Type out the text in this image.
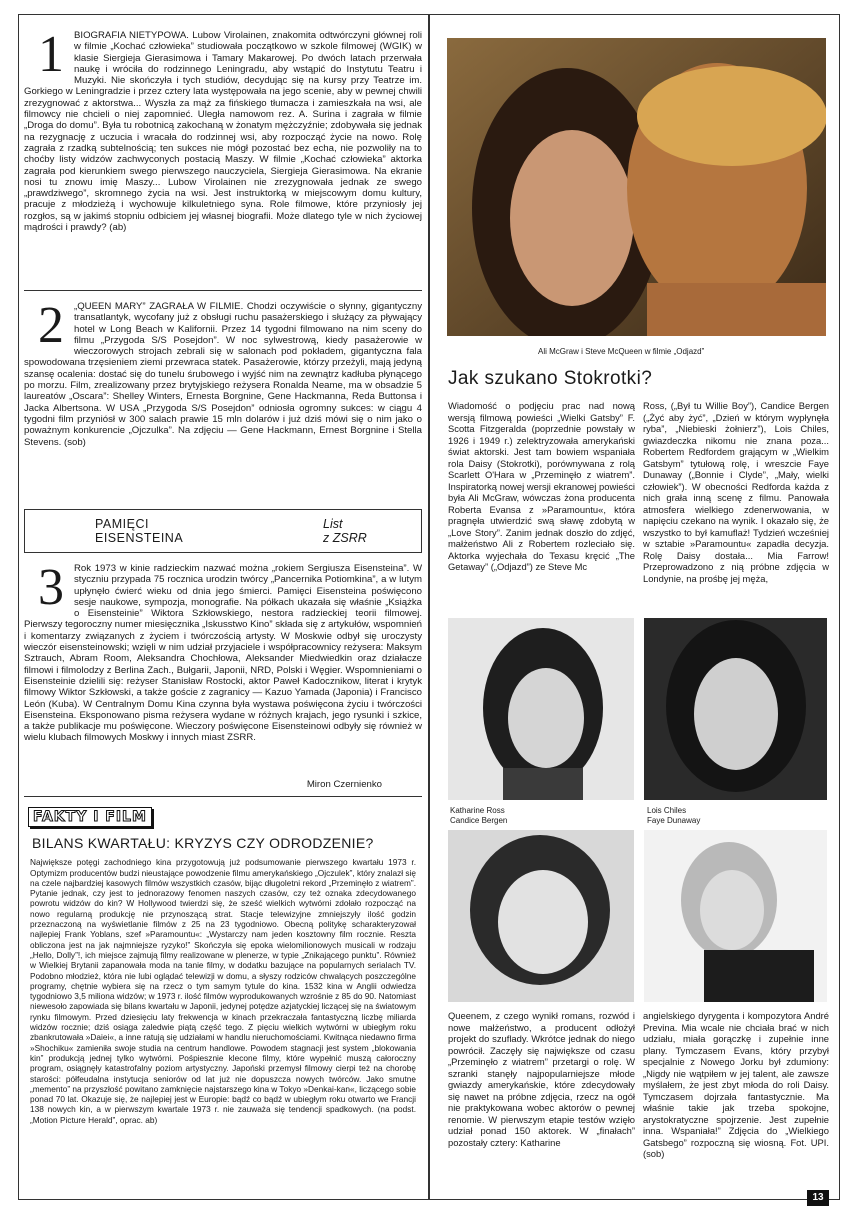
1	BIOGRAFIA NIETYPOWA. Lubow Virolainen, znakomita odtwórczyni głównej roli w filmie „Kochać człowieka” studiowała początkowo w szkole filmowej (WGIK) w klasie Siergieja Gierasimowa i Tamary Makarowej. Po dwóch latach przerwała naukę i wróciła do rodzinnego Leningradu, aby wstąpić do Instytutu Teatru i Muzyki. Nie skończyła i tych studiów, decydując się na kursy przy Teatrze im. Gorkiego w Leningradzie i przez cztery lata występowała na jego scenie, aby w pewnej chwili zrezygnować z aktorstwa... Wyszła za mąż za fińskiego tłumacza i zamieszkała na wsi, ale filmowcy nie chcieli o niej zapomnieć. Uległa namowom rez. A. Surina i zagrała w filmie „Droga do domu”. Była tu robotnicą zakochaną w żonatym mężczyźnie; zdobywała się jednak na rezygnację z uczucia i wracała do rodzinnej wsi, aby rozpocząć życie na nowo. Rolę zagrała z rzadką subtelnością; ten sukces nie mógł pozostać bez echa, nie pozwoliły na to choćby listy widzów zachwyconych postacią Maszy. W filmie „Kochać człowieka” aktorka zagrała pod kierunkiem swego pierwszego nauczyciela, Siergieja Gierasimowa. Na ekranie nosi tu znowu imię Maszy... Lubow Virolainen nie zrezygnowała jednak ze swego „prawdziwego”, skromnego życia na wsi. Jest instruktorką w miejscowym domu kultury, pracuje z młodzieżą i wychowuje kilkuletniego syna. Role filmowe, które przyniosły jej rozgłos, są w jakimś stopniu odbiciem jej własnej biografii. Może dlatego tyle w nich życiowej mądrości i prawdy? (ab)

2	„QUEEN MARY” ZAGRAŁA W FILMIE. Chodzi oczywiście o słynny, gigantyczny transatlantyk, wycofany już z obsługi ruchu pasażerskiego i służący za pływający hotel w Long Beach w Kalifornii. Przez 14 tygodni filmowano na nim sceny do filmu „Przygoda S/S Posejdon”. W noc sylwestrową, kiedy pasażerowie w wieczorowych strojach zebrali się w salonach pod pokładem, gigantyczna fala spowodowana trzęsieniem ziemi przewraca statek. Pasażerowie, którzy przeżyli, mają jedyną szansę ocalenia: dostać się do tunelu śrubowego i wyjść nim na zewnątrz kadłuba płynącego po morzu. Film, zrealizowany przez brytyjskiego reżysera Ronalda Neame, ma w obsadzie 5 laureatów „Oscara”: Shelley Winters, Ernesta Borgnine, Gene Hackmanna, Reda Buttonsa i Jacka Albertsona. W USA „Przygoda S/S Posejdon” odniosła ogromny sukces: w ciągu 4 tygodni film przyniósł w 300 salach prawie 15 mln dolarów i już dziś mówi się o nim jako o poważnym konkurencie „Ojczulka”. Na zdjęciu — Gene Hackmann, Ernest Borgnine i Stella Stevens. (sob)

PAMIĘCI
EISENSTEINA
List
z ZSRR
3	Rok 1973 w kinie radzieckim nazwać można „rokiem Sergiusza Eisensteina”. W styczniu przypada 75 rocznica urodzin twórcy „Pancernika Potiomkina”, a w lutym upłynęło ćwierć wieku od dnia jego śmierci. Pamięci Eisensteina poświęcono sesje naukowe, sympozja, monografie. Na półkach ukazała się właśnie „Książka o Eisensteinie” Wiktora Szkłowskiego, nestora radzieckiej teorii filmowej. Pierwszy tegoroczny numer miesięcznika „Iskusstwo Kino” składa się z artykułów, wspomnień i komentarzy związanych z życiem i twórczością artysty. W Moskwie odbył się uroczysty wieczór eisensteinowski; wzięli w nim udział przyjaciele i współpracownicy reżysera: Maksym Sztrauch, Abram Room, Aleksandra Chochłowa, Aleksander Miedwiedkin oraz działacze filmowi i filmolodzy z Berlina Zach., Bułgarii, Japonii, NRD, Polski i Węgier. Wspomnieniami o Eisensteinie dzielili się: reżyser Stanisław Rostocki, aktor Paweł Kadocznikow, literat i krytyk filmowy Wiktor Szkłowski, a także goście z zagranicy — Kazuo Yamada (Japonia) i Francisco León (Kuba). W Centralnym Domu Kina czynna była wystawa poświęcona życiu i twórczości Eisensteina. Eksponowano pisma reżysera wydane w różnych krajach, jego rysunki i szkice, a także publikacje mu poświęcone. Wieczory poświęcone Eisensteinowi odbyły się również w wielu klubach filmowych Moskwy i innych miast ZSRR.

Miron Czernienko
FAKTY I FILM
BILANS KWARTAŁU: KRYZYS CZY ODRODZENIE?

Największe potęgi zachodniego kina przygotowują już podsumowanie pierwszego kwartału 1973 r. Optymizm producentów budzi nieustające powodzenie filmu amerykańskiego „Ojczulek”, który znalazł się na czele najbardziej kasowych filmów wszystkich czasów, bijąc długoletni rekord „Przeminęło z wiatrem”. Pytanie jednak, czy jest to jednorazowy fenomen naszych czasów, czy też oznaka zdecydowanego powrotu widzów do kin? W Hollywood twierdzi się, że sześć wielkich wytwórni zdołało rozpocząć na nowo regularną produkcję nie przynoszącą strat. Stacje telewizyjne zmniejszyły ilość godzin przeznaczoną na wyświetlanie filmów z 25 na 23 tygodniowo. Obecną politykę scharakteryzował najlepiej Frank Yoblans, szef »Paramountu«: „Wystarczy nam jeden kosztowny film rocznie. Reszta obliczona jest na jak najmniejsze ryzyko!” Skończyła się epoka wielomilionowych musicali w rodzaju „Hello, Dolly”!, ich miejsce zajmują filmy realizowane w plenerze, w typie „Znikającego punktu”. Również w Wielkiej Brytanii zapanowała moda na tanie filmy, w dodatku bazujące na popularnych serialach TV. Podobno młodzież, która nie lubi oglądać telewizji w domu, a słyszy rodziców chwalących poszczególne programy, chętnie wybiera się na rzecz o tym samym tytule do kina. 1532 kina w Anglii odwiedza tygodniowo 3,5 miliona widzów; w 1973 r. ilość filmów wyprodukowanych wzrośnie z 85 do 90. Natomiast niewesoło zapowiada się bilans kwartału w Japonii, jedynej potędze azjatyckiej liczącej się na światowym rynku filmowym. Przed dziesięciu laty frekwencja w kinach przekraczała fantastyczną liczbę miliarda widzów rocznie; dziś osiąga zaledwie piątą część tego. Z pięciu wielkich wytwórni w ubiegłym roku zbankrutowała »Daiei«, a inne ratują się udziałami w handlu nieruchomościami. Kwitnąca niedawno firma »Shochiku« zamieniła swoje studia na centrum handlowe. Powodem stagnacji jest system „blokowania kin” produkcją jednej tylko wytwórni. Pośpiesznie klecone filmy, które wypełnić muszą całoroczny program, osiągnęły katastrofalny poziom artystyczny. Japoński przemysł filmowy cierpi też na chorobę starości: półfeudalna instytucja seniorów od lat już nie dopuszcza nowych twórców. Jako smutne „memento” na przyszłość powitano zamknięcie najstarszego kina w Tokyo »Denkai-kan«, liczącego sobie ponad 70 lat. Okazuje się, że najlepiej jest w Europie: bądź co bądź w ubiegłym roku otwarto we Francji 138 nowych kin, a w pierwszym kwartale 1973 r. nie zauważa się tendencji spadkowych. (na podst. „Motion Picture Herald”, oprac. ab)

Ali McGraw i Steve McQueen w filmie „Odjazd”
Jak szukano Stokrotki?

Wiadomość o podjęciu prac nad nową wersją filmową powieści „Wielki Gatsby” F. Scotta Fitzgeralda (poprzednie powstały w 1926 i 1949 r.) zelektryzowała amerykański świat aktorski. Jest tam bowiem wspaniała rola Daisy (Stokrotki), porównywana z rolą Scarlett O'Hara w „Przeminęło z wiatrem”. Inspiratorką nowej wersji ekranowej powieści była Ali McGraw, wówczas żona producenta Roberta Evansa z »Paramountu«, która pragnęła utwierdzić swą sławę zdobytą w „Love Story”. Zanim jednak doszło do zdjęć, małżeństwo Ali z Robertem rozleciało się. Aktorka wyjechała do Texasu kręcić „The Getaway” („Odjazd”) ze Steve Mc

Ross, („Był tu Willie Boy”), Candice Bergen („Żyć aby żyć”, „Dzień w którym wypłynęła ryba”, „Niebieski żołnierz”), Lois Chiles, gwiazdeczka nikomu nie znana poza... Robertem Redfordem grającym w „Wielkim Gatsbym” tytułową rolę, i wreszcie Faye Dunaway („Bonnie i Clyde”, „Mały, wielki człowiek”). W obecności Redforda każda z nich grała inną scenę z filmu. Panowała atmosfera wielkiego zdenerwowania, w napięciu czekano na wynik. I okazało się, że wszystko to był kamuflaż! Tydzień wcześniej w sztabie »Paramountu« zapadła decyzja. Rolę Daisy dostała... Mia Farrow! Przeprowadzono z nią próbne zdjęcia w Londynie, na prośbę jej męża,

Katharine Ross
Candice Bergen
Lois Chiles
Faye Dunaway

Queenem, z czego wynikł romans, rozwód i nowe małżeństwo, a producent odłożył projekt do szuflady. Wkrótce jednak do niego powrócił. Zaczęły się największe od czasu „Przeminęło z wiatrem” przetargi o rolę. W szranki stanęły najpopularniejsze młode gwiazdy amerykańskie, które zdecydowały się nawet na próbne zdjęcia, rzecz na ogół nie praktykowana wobec aktorów o pewnej renomie. W pierwszym etapie testów wzięło udział ponad 150 aktorek. W „finałach” pozostały cztery: Katharine

angielskiego dyrygenta i kompozytora André Previna. Mia wcale nie chciała brać w nich udziału, miała gorączkę i zupełnie inne plany. Tymczasem Evans, który przybył specjalnie z Nowego Jorku był zdumiony: „Nigdy nie wątpiłem w jej talent, ale zawsze myślałem, że jest zbyt młoda do roli Daisy. Tymczasem dojrzała fantastycznie. Ma właśnie takie jak trzeba spokojne, arystokratyczne spojrzenie. Jest zupełnie inna. Wspaniała!” Zdjęcia do „Wielkiego Gatsbego” rozpoczną się wiosną. Fot. UPI. (sob)

13
